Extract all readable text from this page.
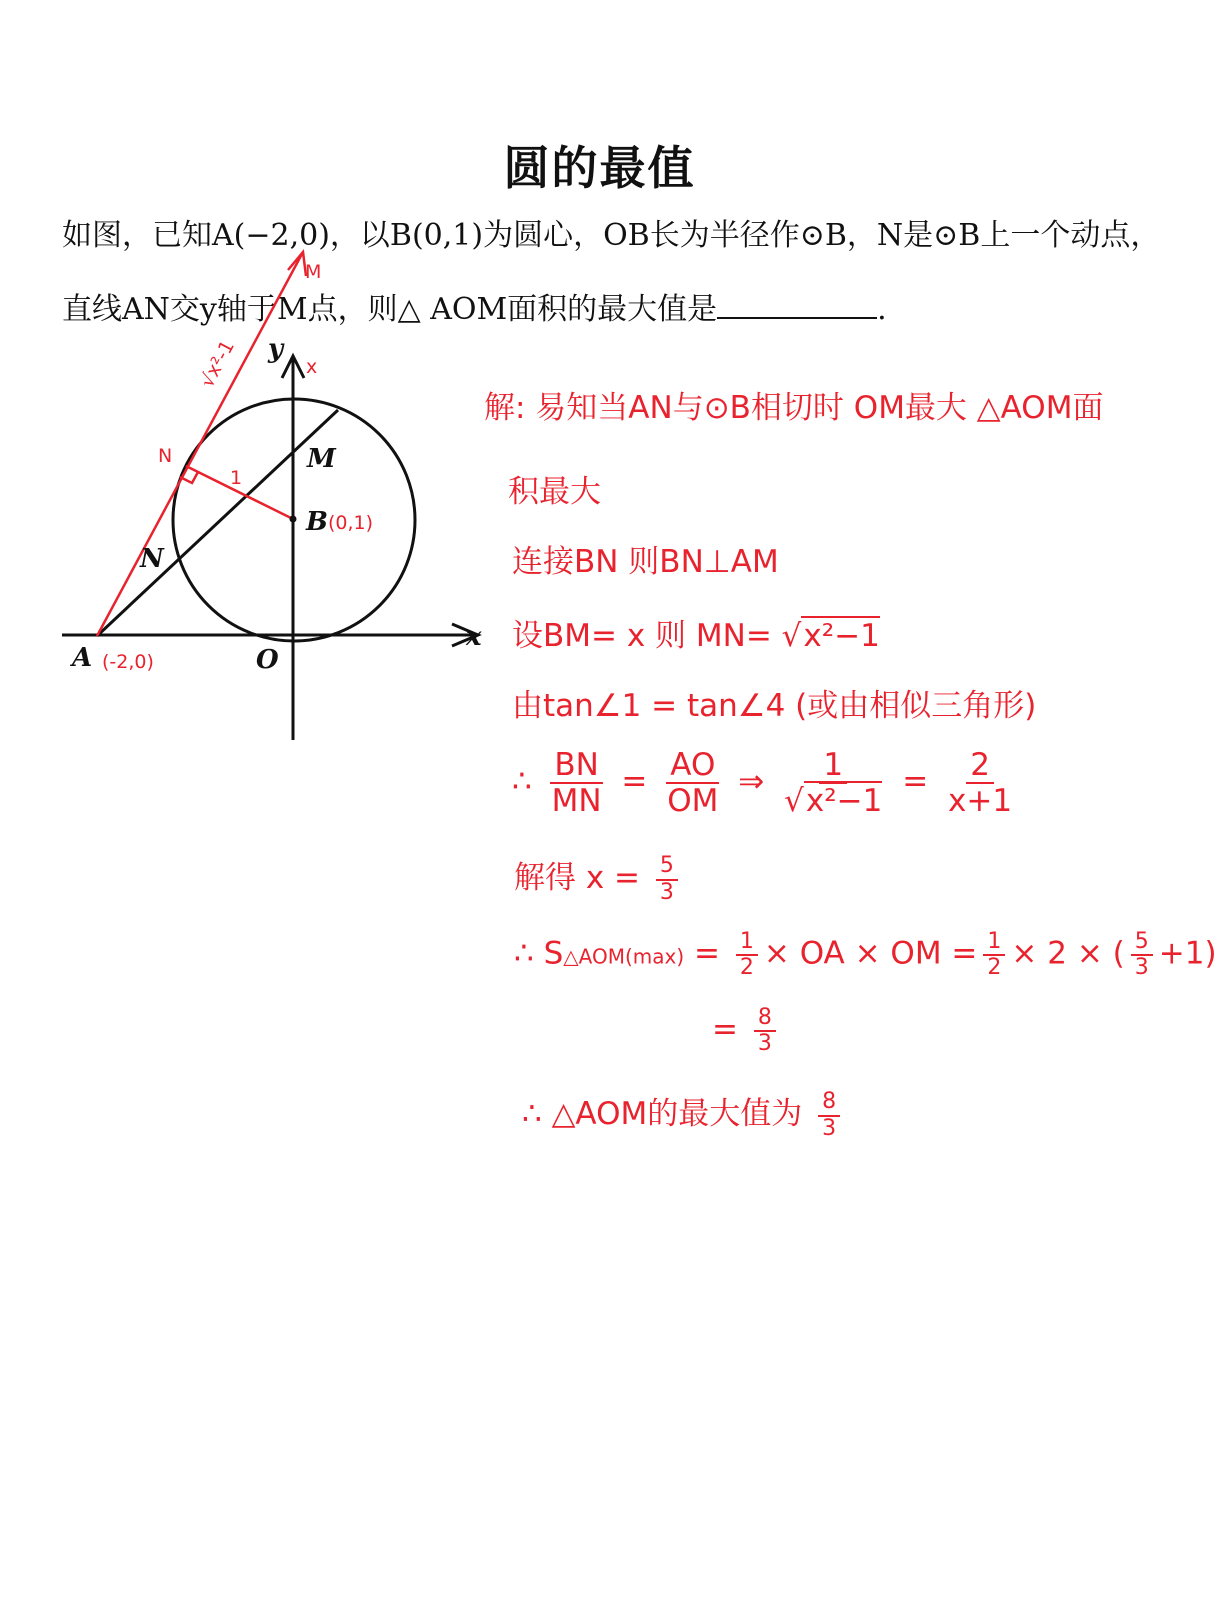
圆的最值
如图，已知A(−2,0)，以B(0,1)为圆心，OB长为半径作⊙B，N是⊙B上一个动点，
直线AN交y轴于M点，则△ AOM面积的最大值是	.
x
y
A	O
B
M
N
(-2,0)
(0,1)
M
N
x
1
√x²-1
解: 易知当AN与⊙B相切时 OM最大 △AOM面
积最大
连接BN 则BN⊥AM
设BM= x 则 MN= √x²−1
由tan∠1 = tan∠4 (或由相似三角形)
∴ $\frac{BN}{MN} = \frac{AO}{OM}$ ⇒ $\frac{1}{\text{√x²−1}} = \frac{2}{x+1}$
解得 $x = \frac{5}{3}$
∴ S△AOM(max) = $\frac{1}{2}$ × OA × OM = $\frac{1}{2} \times 2$ × ( $\frac{5}{3} +1$)
= $\frac{8}{3}$
∴ △AOM的最大值为 $\frac{8}{3}$
